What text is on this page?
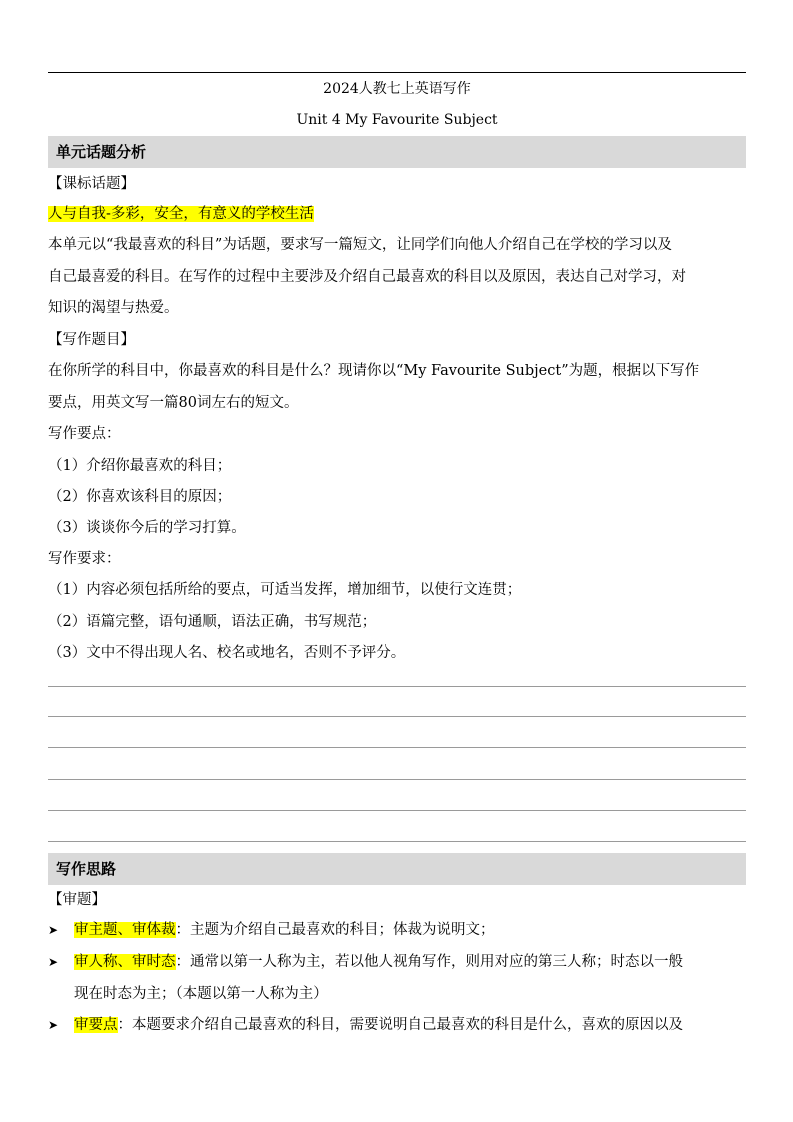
2024人教七上英语写作
Unit 4 My Favourite Subject
单元话题分析
【课标话题】
人与自我-多彩，安全，有意义的学校生活
本单元以“我最喜欢的科目”为话题，要求写一篇短文，让同学们向他人介绍自己在学校的学习以及
自己最喜爱的科目。在写作的过程中主要涉及介绍自己最喜欢的科目以及原因，表达自己对学习，对
知识的渴望与热爱。
【写作题目】
在你所学的科目中，你最喜欢的科目是什么？现请你以“My Favourite Subject”为题，根据以下写作
要点，用英文写一篇80词左右的短文。
写作要点：
（1）介绍你最喜欢的科目；
（2）你喜欢该科目的原因；
（3）谈谈你今后的学习打算。
写作要求：
（1）内容必须包括所给的要点，可适当发挥，增加细节，以使行文连贯；
（2）语篇完整，语句通顺，语法正确，书写规范；
（3）文中不得出现人名、校名或地名，否则不予评分。
写作思路
【审题】
➤	审主题、审体裁：主题为介绍自己最喜欢的科目；体裁为说明文；
➤	审人称、审时态：通常以第一人称为主，若以他人视角写作，则用对应的第三人称；时态以一般
现在时态为主；（本题以第一人称为主）
➤	审要点：本题要求介绍自己最喜欢的科目，需要说明自己最喜欢的科目是什么，喜欢的原因以及
